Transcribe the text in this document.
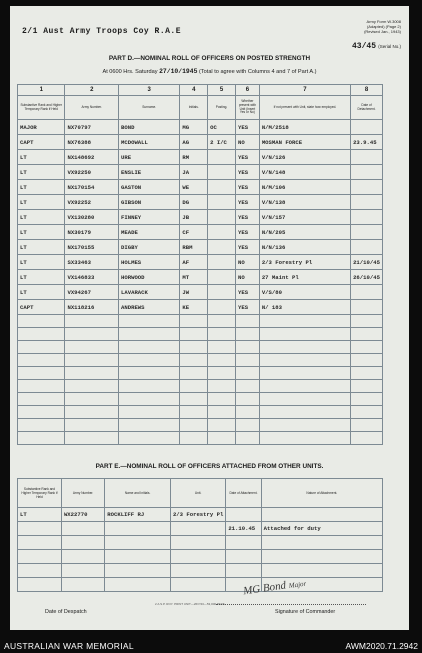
2/1 Aust Army Troops Coy R.A.E
Army Form W.3008
(Adapted) (Page 2)
(Revised Jan., 1943)
43/45 (Serial No.)
PART D.—NOMINAL ROLL OF OFFICERS ON POSTED STRENGTH
At 0600 Hrs. Saturday 27/10/1945 (Total to agree with Columns 4 and 7 of Part A.)
1	2	3	4	5	6	7	8
Substantive Rank and Higher Temporary Rank if Held	Army Number.	Surname.	Initials.	Posting.	Whether present with Unit (Insert Yes or No)	If not present with Unit, state how employed.	Date of Detachment.
MAJOR	NX70797	BOND	MG	OC	YES	N/M/2518	
CAPT	NX76388	MCDOWALL	AG	2 I/C	NO	MOSMAN FORCE	23.9.45
LT	NX148692	URE	RM		YES	V/N/126	
LT	VX92250	ENSLIE	JA		YES	V/N/148	
LT	NX170154	GASTON	WE		YES	N/M/106	
LT	VX92252	GIBSON	DG		YES	V/N/138	
LT	VX130280	FINNEY	JB		YES	V/N/157	
LT	NX30179	MEADE	CF		YES	N/N/205	
LT	NX170155	DIGBY	RBM		YES	N/N/136	
LT	SX33463	HOLMES	AF		NO	2/3 Forestry Pl	21/10/45
LT	VX146833	HORWOOD	MT		NO	27 Maint Pl	26/10/45
LT	VX94267	LAVARACK	JW		YES	V/S/80	
CAPT	NX118216	ANDREWS	KE		YES	N/ 183	

PART E.—NOMINAL ROLL OF OFFICERS ATTACHED FROM OTHER UNITS.
Substantive Rank and Higher Temporary Rank if Held	Army Number.	Name and Initials.	Unit.	Date of Attachment.	Nature of Attachment.
LT	WX22770	ROCKLIFF RJ	2/3 Forestry Pl		
				21.10.45	Attached for duty

MG Bond Major
2 A.S.P. ROY. PRINT UNIT—26/7/43—53,000 PADS
Date of Despatch	Signature of Commander
AUSTRALIAN WAR MEMORIAL	AWM2020.71.2942
